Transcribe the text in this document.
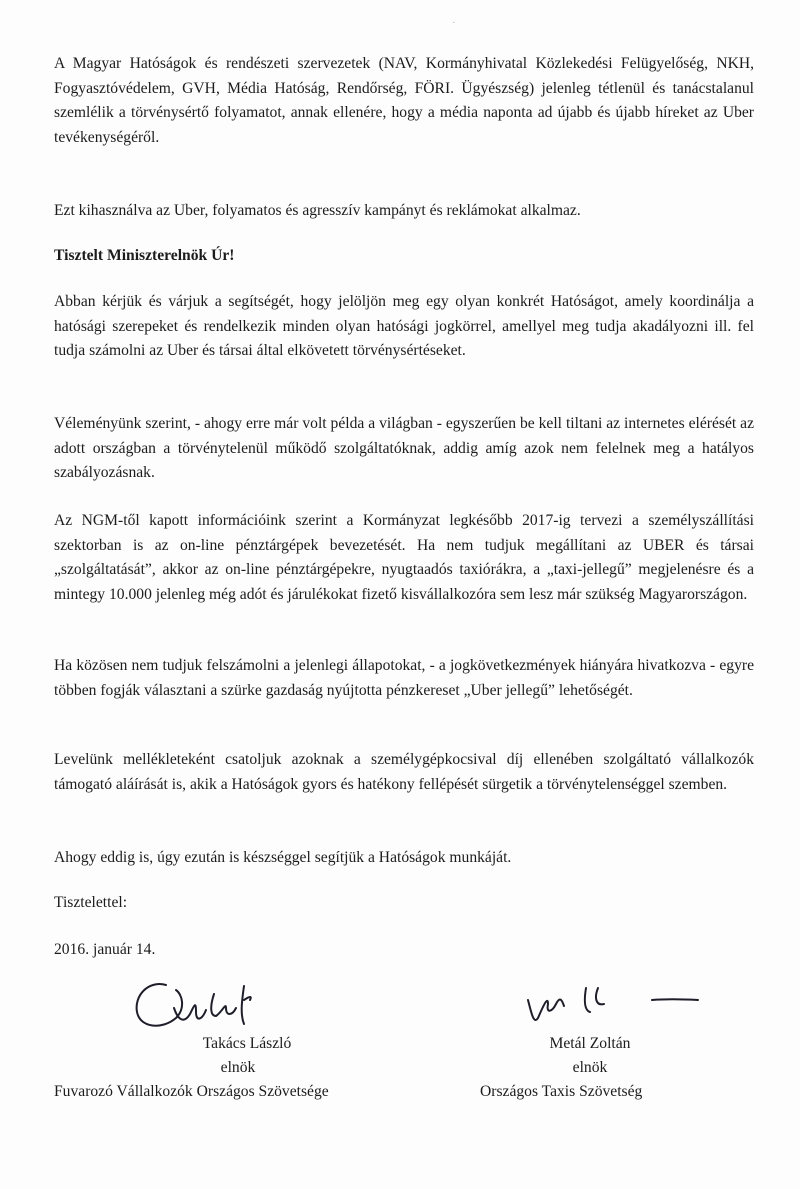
·
A Magyar Hatóságok és rendészeti szervezetek (NAV, Kormányhivatal Közlekedési Felügyelőség, NKH, Fogyasztóvédelem, GVH, Média Hatóság, Rendőrség, FÖRI. Ügyészség) jelenleg tétlenül és tanácstalanul szemlélik a törvénysértő folyamatot, annak ellenére, hogy a média naponta ad újabb és újabb híreket az Uber tevékenységéről.
Ezt kihasználva az Uber, folyamatos és agresszív kampányt és reklámokat alkalmaz.
Tisztelt Miniszterelnök Úr!
Abban kérjük és várjuk a segítségét, hogy jelöljön meg egy olyan konkrét Hatóságot, amely koordinálja a hatósági szerepeket és rendelkezik minden olyan hatósági jogkörrel, amellyel meg tudja akadályozni ill. fel tudja számolni az Uber és társai által elkövetett törvénysértéseket.
Véleményünk szerint, - ahogy erre már volt példa a világban - egyszerűen be kell tiltani az internetes elérését az adott országban a törvénytelenül működő szolgáltatóknak, addig amíg azok nem felelnek meg a hatályos szabályozásnak.
Az NGM-től kapott információink szerint a Kormányzat legkésőbb 2017-ig tervezi a személyszállítási szektorban is az on-line pénztárgépek bevezetését. Ha nem tudjuk megállítani az UBER és társai „szolgáltatását”, akkor az on-line pénztárgépekre, nyugtaadós taxiórákra, a „taxi-jellegű” megjelenésre és a mintegy 10.000 jelenleg még adót és járulékokat fizető kisvállalkozóra sem lesz már szükség Magyarországon.
Ha közösen nem tudjuk felszámolni a jelenlegi állapotokat, - a jogkövetkezmények hiányára hivatkozva - egyre többen fogják választani a szürke gazdaság nyújtotta pénzkereset „Uber jellegű” lehetőségét.
Levelünk mellékleteként csatoljuk azoknak a személygépkocsival díj ellenében szolgáltató vállalkozók támogató aláírását is, akik a Hatóságok gyors és hatékony fellépését sürgetik a törvénytelenséggel szemben.
Ahogy eddig is, úgy ezután is készséggel segítjük a Hatóságok munkáját.
Tisztelettel:
2016. január 14.
Takács László
elnök
Fuvarozó Vállalkozók Országos Szövetsége
Metál Zoltán
elnök
Országos Taxis Szövetség
